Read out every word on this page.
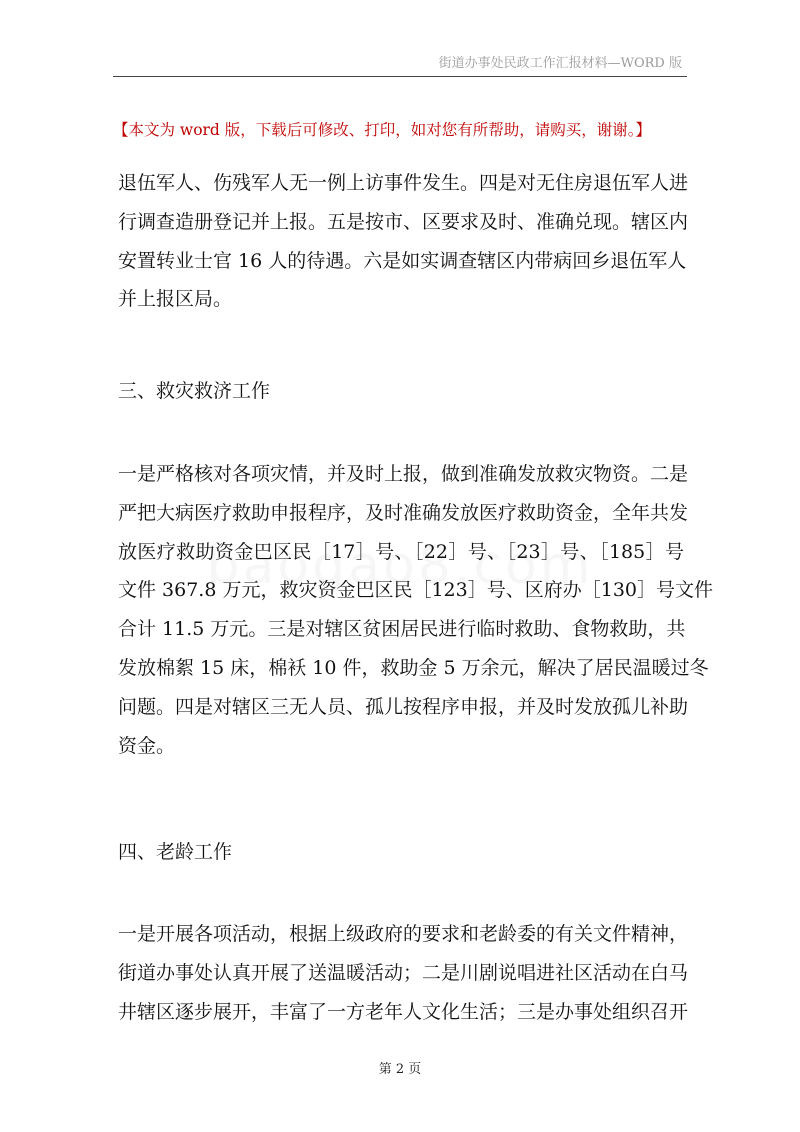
街道办事处民政工作汇报材料—WORD 版
【本文为 word 版，下载后可修改、打印，如对您有所帮助，请购买，谢谢。】
退伍军人、伤残军人无一例上访事件发生。四是对无住房退伍军人进
行调查造册登记并上报。五是按市、区要求及时、准确兑现。辖区内
安置转业士官 16 人的待遇。六是如实调查辖区内带病回乡退伍军人
并上报区局。
三、救灾救济工作
一是严格核对各项灾情，并及时上报，做到准确发放救灾物资。二是
严把大病医疗救助申报程序，及时准确发放医疗救助资金，全年共发
放医疗救助资金巴区民［17］号、［22］号、［23］号、［185］号
文件 367.8 万元，救灾资金巴区民［123］号、区府办［130］号文件
合计 11.5 万元。三是对辖区贫困居民进行临时救助、食物救助，共
发放棉絮 15 床，棉袄 10 件，救助金 5 万余元，解决了居民温暖过冬
问题。四是对辖区三无人员、孤儿按程序申报，并及时发放孤儿补助
资金。
四、老龄工作
一是开展各项活动，根据上级政府的要求和老龄委的有关文件精神，
街道办事处认真开展了送温暖活动；二是川剧说唱进社区活动在白马
井辖区逐步展开，丰富了一方老年人文化生活；三是办事处组织召开
第 2 页
